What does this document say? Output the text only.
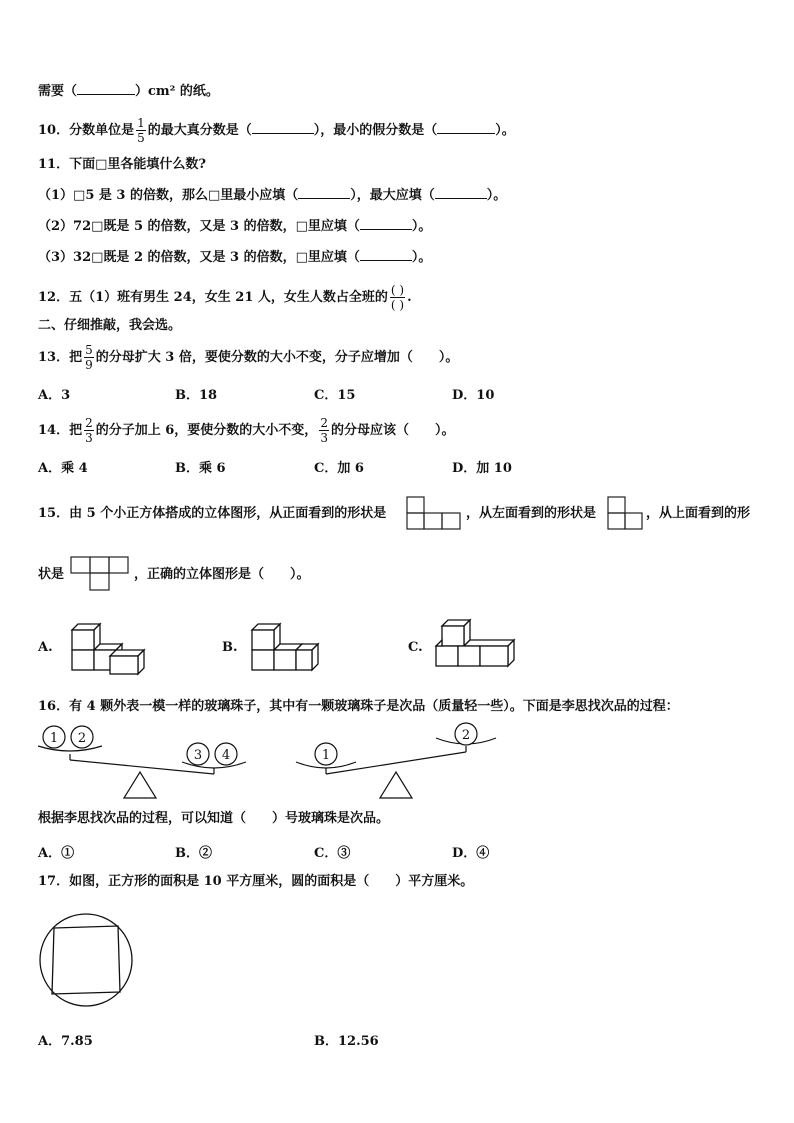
需要（	）cm² 的纸。
10．分数单位是 $\frac{1}{5}$ 的最大真分数是（	），最小的假分数是（	）。
11．下面□里各能填什么数?
（1）□5 是 3 的倍数，那么□里最小应填（	），最大应填（	）。
（2）72□既是 5 的倍数，又是 3 的倍数，□里应填（	）。
（3）32□既是 2 的倍数，又是 3 的倍数，□里应填（	）。
12．五（1）班有男生 24，女生 21 人，女生人数占全班的 $\frac{( )}{( )}$ .
二、仔细推敲，我会选。
13．把 $\frac{5}{9}$ 的分母扩大 3 倍，要使分数的大小不变，分子应增加（　　）。
A．3	B．18	C．15	D．10
14．把 $\frac{2}{3}$ 的分子加上 6，要使分数的大小不变， $\frac{2}{3}$ 的分母应该（　　）。
A．乘 4	B．乘 6	C．加 6	D．加 10
15．由 5 个小正方体搭成的立体图形，从正面看到的形状是	，从左面看到的形状是	，从上面看到的形
状是	，正确的立体图形是（　　）。
A.	B.	C.
16．有 4 颗外表一模一样的玻璃珠子，其中有一颗玻璃珠子是次品（质量轻一些）。下面是李思找次品的过程：
1 2
3 4	1
2
根据李思找次品的过程，可以知道（　　）号玻璃珠是次品。
A．①	B．②	C．③	D．④
17．如图，正方形的面积是 10 平方厘米，圆的面积是（　　）平方厘米。
A．7.85	B．12.56
